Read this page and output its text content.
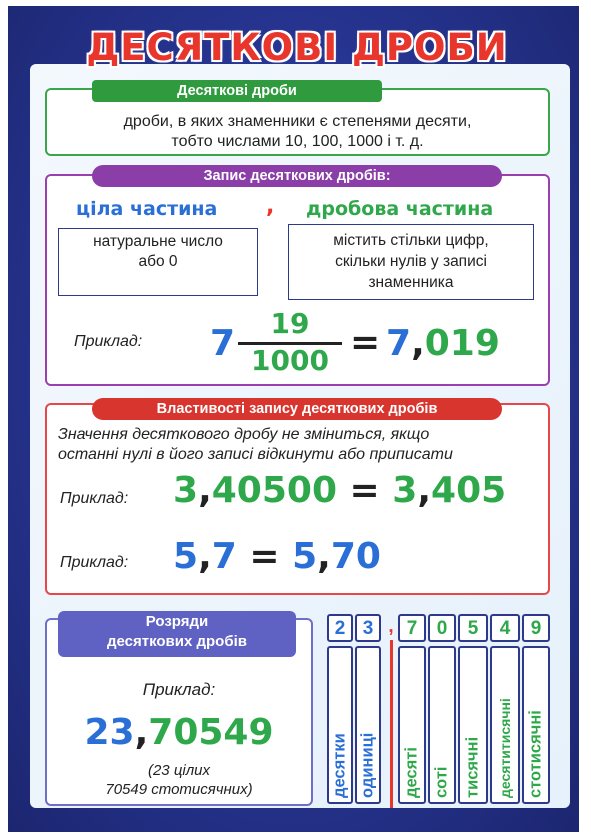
ДЕСЯТКОВІ ДРОБИ
Десяткові дроби
дроби, в яких знаменники є степенями десяти,
тобто числами 10, 100, 1000 і т. д.
Запис десяткових дробів:
ціла частина , дробова частина
натуральне число
або 0
містить стільки цифр,
скільки нулів у записі
знаменника
Приклад: 7	19
1000 = 7,019
Властивості запису десяткових дробів
Значення десяткового дробу не зміниться, якщо
останні нулі в його записі відкинути або приписати
Приклад: 3,40500 = 3,405
Приклад: 5,7 = 5,70
Розряди
десяткових дробів
Приклад:
23,70549
(23 цілих
70549 стотисячних)
2
десятки
3
одиниці
, 7
десяті
0
соті
5
тисячні
4
десятитисячні
9
стотисячні
